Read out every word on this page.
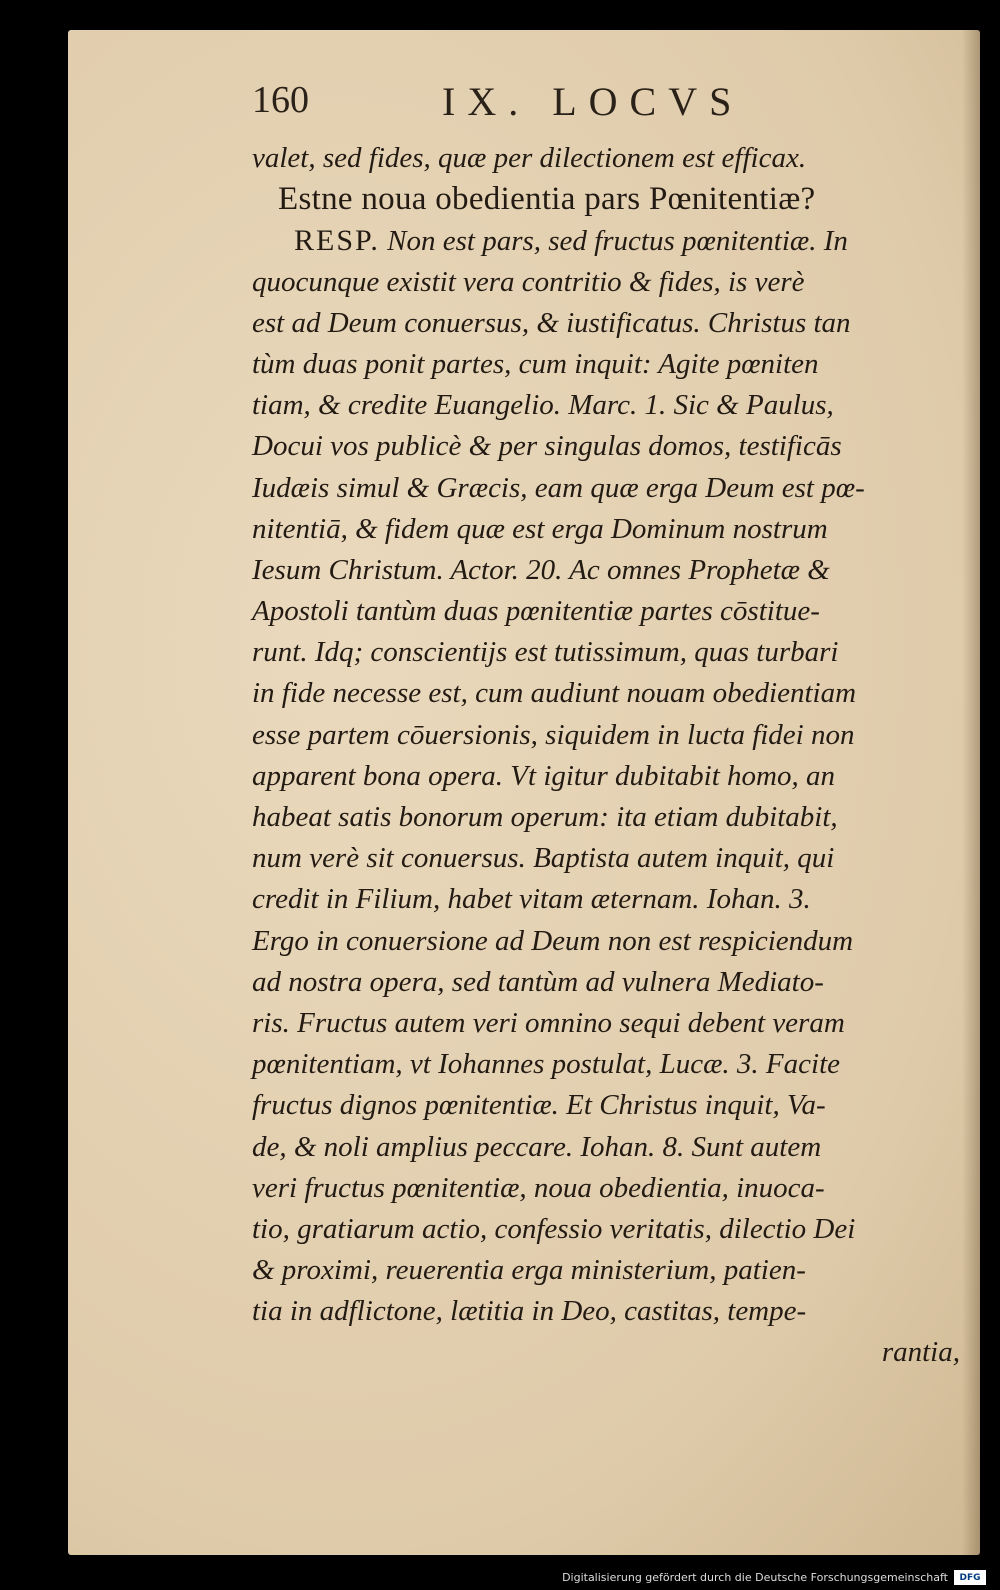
160	IX. LOCVS
valet, sed fides, quæ per dilectionem est efficax.
Estne noua obedientia pars Pœnitentiæ?
RESP. Non est pars, sed fructus pœnitentiæ. In
quocunque existit vera contritio & fides, is verè
est ad Deum conuersus, & iustificatus. Christus tan
tùm duas ponit partes, cum inquit: Agite pœniten
tiam, & credite Euangelio. Marc. 1. Sic & Paulus,
Docui vos publicè & per singulas domos, testificās
Iudæis simul & Græcis, eam quæ erga Deum est pœ-
nitentiā, & fidem quæ est erga Dominum nostrum
Iesum Christum. Actor. 20. Ac omnes Prophetæ &
Apostoli tantùm duas pœnitentiæ partes cōstitue-
runt. Idq; conscientijs est tutissimum, quas turbari
in fide necesse est, cum audiunt nouam obedientiam
esse partem cōuersionis, siquidem in lucta fidei non
apparent bona opera. Vt igitur dubitabit homo, an
habeat satis bonorum operum: ita etiam dubitabit,
num verè sit conuersus. Baptista autem inquit, qui
credit in Filium, habet vitam æternam. Iohan. 3.
Ergo in conuersione ad Deum non est respiciendum
ad nostra opera, sed tantùm ad vulnera Mediato-
ris. Fructus autem veri omnino sequi debent veram
pœnitentiam, vt Iohannes postulat, Lucæ. 3. Facite
fructus dignos pœnitentiæ. Et Christus inquit, Va-
de, & noli amplius peccare. Iohan. 8. Sunt autem
veri fructus pœnitentiæ, noua obedientia, inuoca-
tio, gratiarum actio, confessio veritatis, dilectio Dei
& proximi, reuerentia erga ministerium, patien-
tia in adflictone, lætitia in Deo, castitas, tempe-
rantia,
Digitalisierung gefördert durch die Deutsche Forschungsgemeinschaft	DFG
